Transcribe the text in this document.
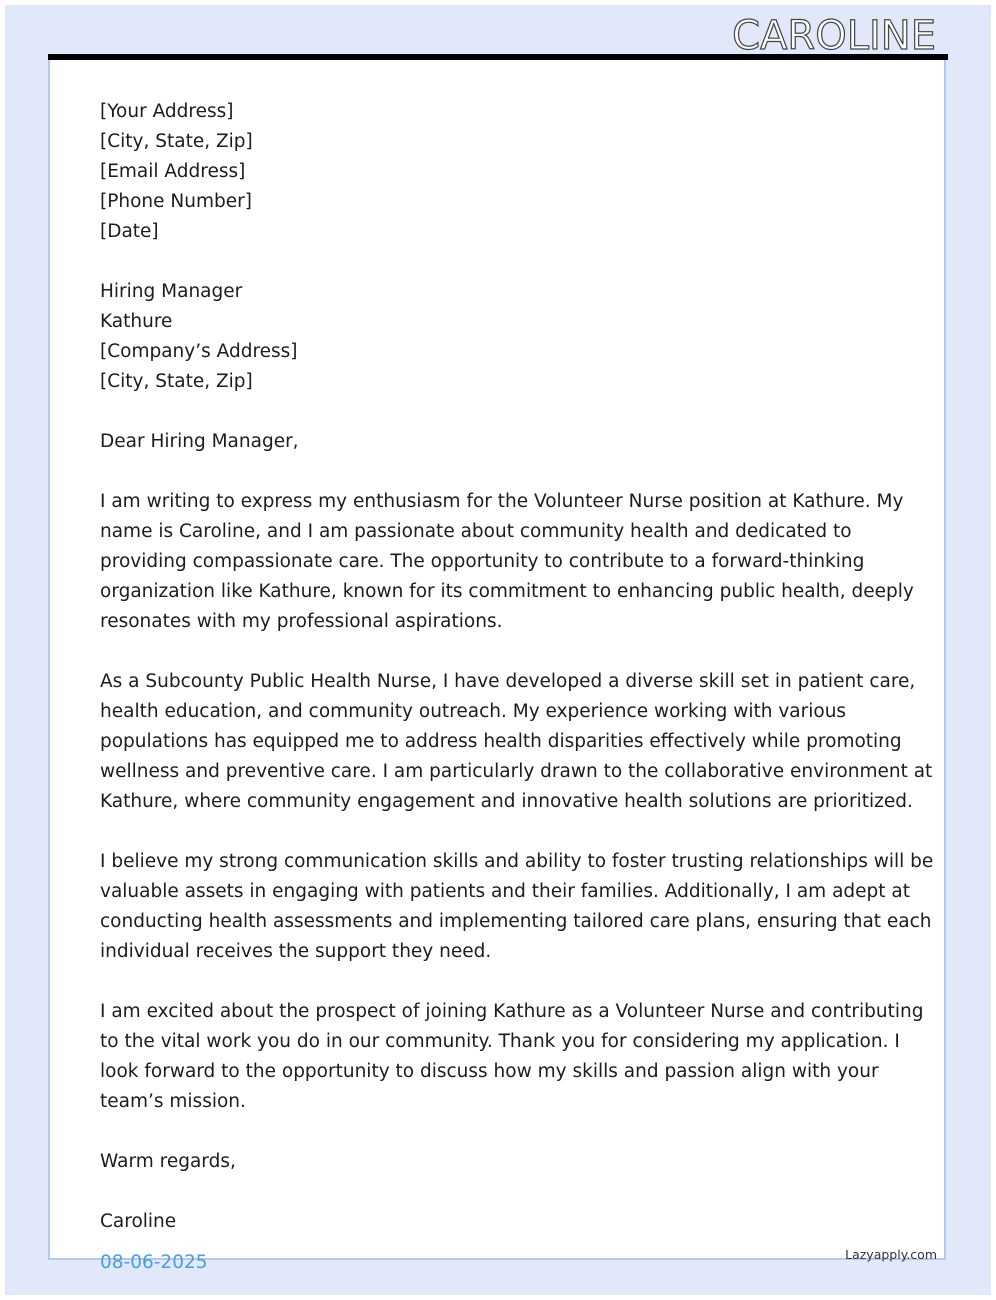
CAROLINE
[Your Address]
[City, State, Zip]
[Email Address]
[Phone Number]
[Date]
Hiring Manager
Kathure
[Company’s Address]
[City, State, Zip]
Dear Hiring Manager,
I am writing to express my enthusiasm for the Volunteer Nurse position at Kathure. My
name is Caroline, and I am passionate about community health and dedicated to
providing compassionate care. The opportunity to contribute to a forward-thinking
organization like Kathure, known for its commitment to enhancing public health, deeply
resonates with my professional aspirations.
As a Subcounty Public Health Nurse, I have developed a diverse skill set in patient care,
health education, and community outreach. My experience working with various
populations has equipped me to address health disparities effectively while promoting
wellness and preventive care. I am particularly drawn to the collaborative environment at
Kathure, where community engagement and innovative health solutions are prioritized.
I believe my strong communication skills and ability to foster trusting relationships will be
valuable assets in engaging with patients and their families. Additionally, I am adept at
conducting health assessments and implementing tailored care plans, ensuring that each
individual receives the support they need.
I am excited about the prospect of joining Kathure as a Volunteer Nurse and contributing
to the vital work you do in our community. Thank you for considering my application. I
look forward to the opportunity to discuss how my skills and passion align with your
team’s mission.
Warm regards,
Caroline
08-06-2025	Lazyapply.com
